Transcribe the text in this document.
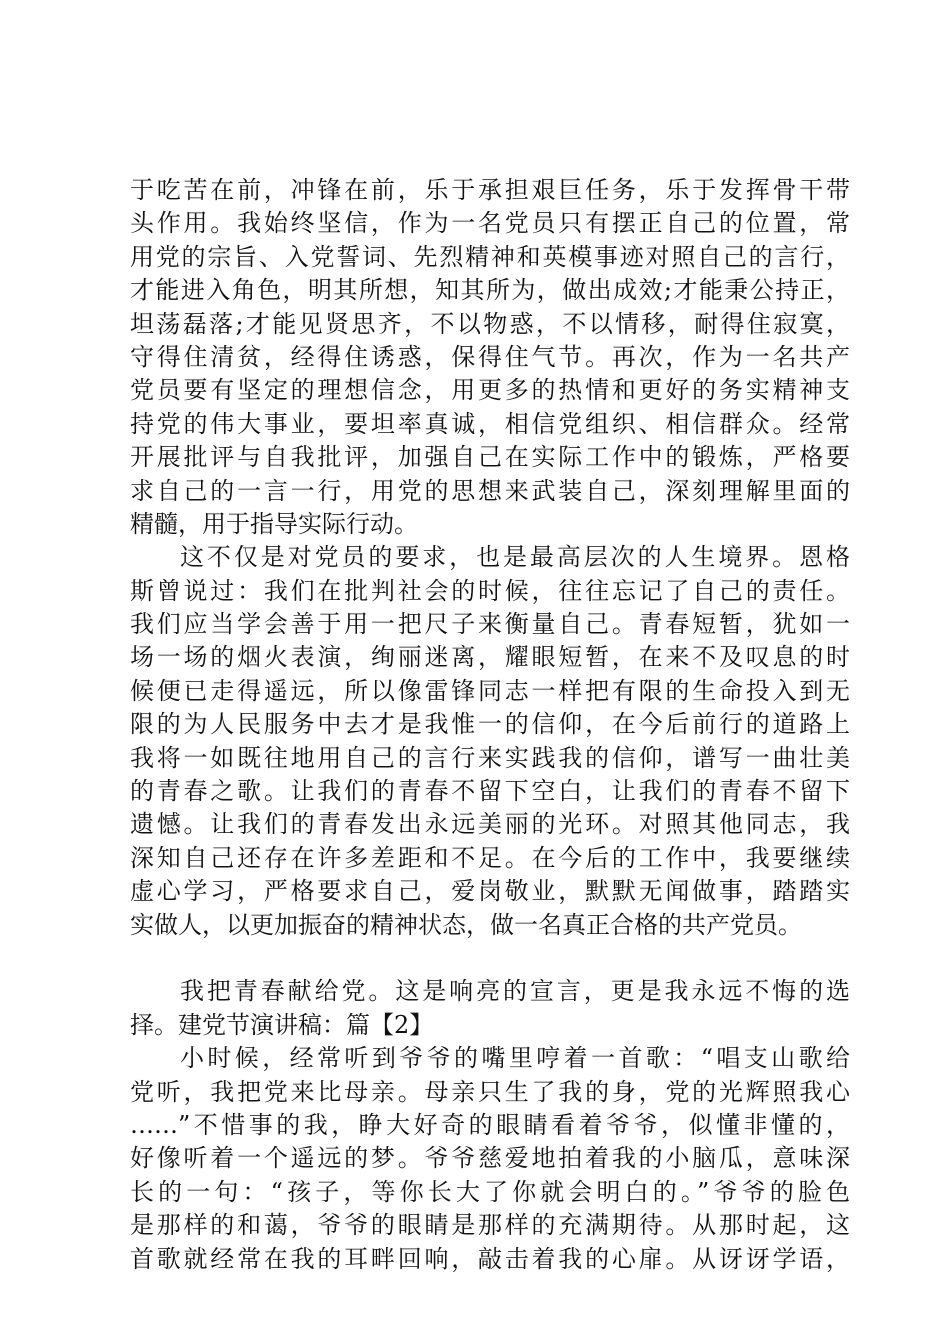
于吃苦在前，冲锋在前，乐于承担艰巨任务，乐于发挥骨干带
头作用。我始终坚信，作为一名党员只有摆正自己的位置，常
用党的宗旨、入党誓词、先烈精神和英模事迹对照自己的言行，
才能进入角色，明其所想，知其所为，做出成效;才能秉公持正，
坦荡磊落;才能见贤思齐，不以物惑，不以情移，耐得住寂寞，
守得住清贫，经得住诱惑，保得住气节。再次，作为一名共产
党员要有坚定的理想信念，用更多的热情和更好的务实精神支
持党的伟大事业，要坦率真诚，相信党组织、相信群众。经常
开展批评与自我批评，加强自己在实际工作中的锻炼，严格要
求自己的一言一行，用党的思想来武装自己，深刻理解里面的
精髓，用于指导实际行动。
这不仅是对党员的要求，也是最高层次的人生境界。恩格
斯曾说过：我们在批判社会的时候，往往忘记了自己的责任。
我们应当学会善于用一把尺子来衡量自己。青春短暂，犹如一
场一场的烟火表演，绚丽迷离，耀眼短暂，在来不及叹息的时
候便已走得遥远，所以像雷锋同志一样把有限的生命投入到无
限的为人民服务中去才是我惟一的信仰，在今后前行的道路上
我将一如既往地用自己的言行来实践我的信仰，谱写一曲壮美
的青春之歌。让我们的青春不留下空白，让我们的青春不留下
遗憾。让我们的青春发出永远美丽的光环。对照其他同志，我
深知自己还存在许多差距和不足。在今后的工作中，我要继续
虚心学习，严格要求自己，爱岗敬业，默默无闻做事，踏踏实
实做人，以更加振奋的精神状态，做一名真正合格的共产党员。
我把青春献给党。这是响亮的宣言，更是我永远不悔的选
择。建党节演讲稿：篇【2】
小时候，经常听到爷爷的嘴里哼着一首歌：“唱支山歌给
党听，我把党来比母亲。母亲只生了我的身，党的光辉照我心
……”不惜事的我，睁大好奇的眼睛看着爷爷，似懂非懂的，
好像听着一个遥远的梦。爷爷慈爱地拍着我的小脑瓜，意味深
长的一句：“孩子，等你长大了你就会明白的。”爷爷的脸色
是那样的和蔼，爷爷的眼睛是那样的充满期待。从那时起，这
首歌就经常在我的耳畔回响，敲击着我的心扉。从讶讶学语，
